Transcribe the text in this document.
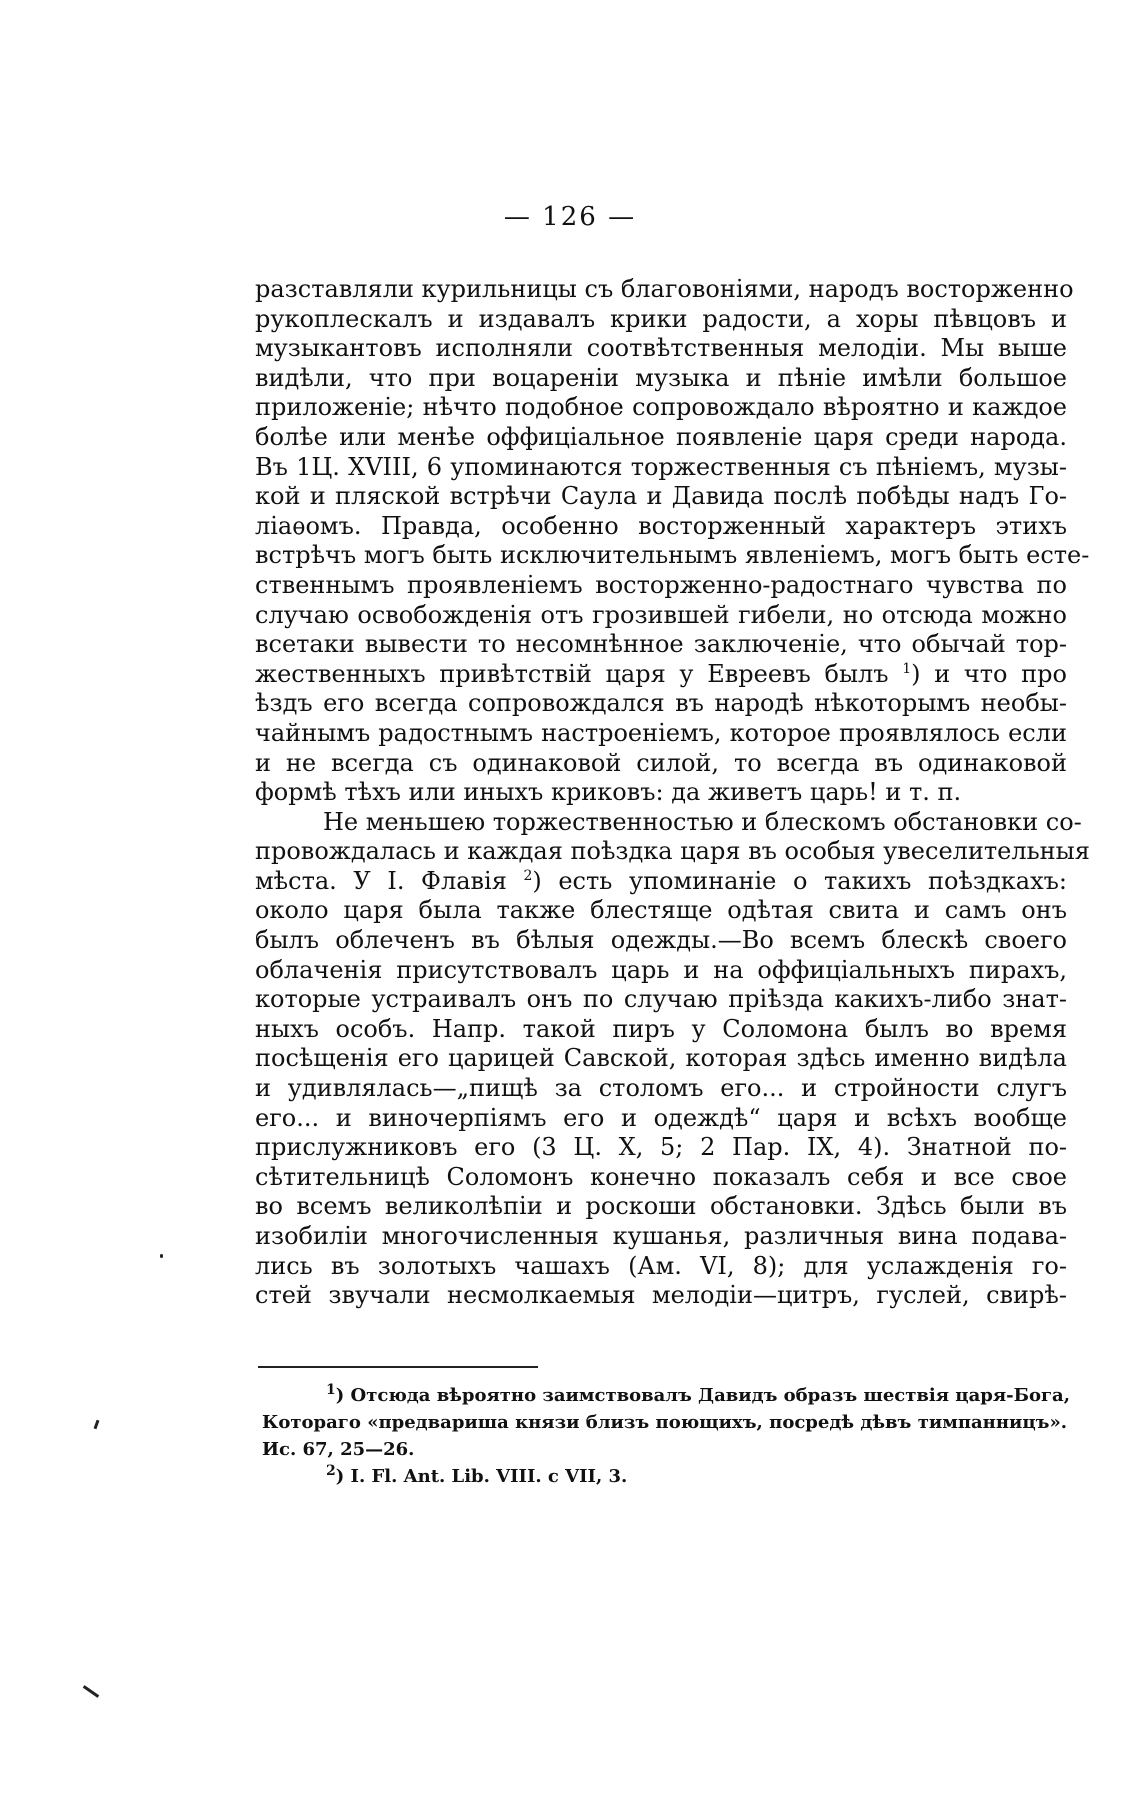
— 126 —
разставляли курильницы съ благовоніями, народъ восторженно
рукоплескалъ и издавалъ крики радости, а хоры пѣвцовъ и
музыкантовъ исполняли соотвѣтственныя мелодіи. Мы выше
видѣли, что при воцареніи музыка и пѣніе имѣли большое
приложеніе; нѣчто подобное сопровождало вѣроятно и каждое
болѣе или менѣе оффиціальное появленіе царя среди народа.
Въ 1Ц. XVIII, 6 упоминаются торжественныя съ пѣніемъ, музы-
кой и пляской встрѣчи Саула и Давида послѣ побѣды надъ Го-
ліаѳомъ. Правда, особенно восторженный характеръ этихъ
встрѣчъ могъ быть исключительнымъ явленіемъ, могъ быть есте-
ственнымъ проявленіемъ восторженно-радостнаго чувства по
случаю освобожденія отъ грозившей гибели, но отсюда можно
всетаки вывести то несомнѣнное заключеніе, что обычай тор-
жественныхъ привѣтствій царя у Евреевъ былъ $^1$) и что про
ѣздъ его всегда сопровождался въ народѣ нѣкоторымъ необы-
чайнымъ радостнымъ настроеніемъ, которое проявлялось если
и не всегда съ одинаковой силой, то всегда въ одинаковой
формѣ тѣхъ или иныхъ криковъ: да живетъ царь! и т. п.
Не меньшею торжественностью и блескомъ обстановки со-
провождалась и каждая поѣздка царя въ особыя увеселительныя
мѣста. У І. Флавія $^2$) есть упоминаніе о такихъ поѣздкахъ:
около царя была также блестяще одѣтая свита и самъ онъ
былъ облеченъ въ бѣлыя одежды.—Во всемъ блескѣ своего
облаченія присутствовалъ царь и на оффиціальныхъ пирахъ,
которые устраивалъ онъ по случаю пріѣзда какихъ-либо знат-
ныхъ особъ. Напр. такой пиръ у Соломона былъ во время
посѣщенія его царицей Савской, которая здѣсь именно видѣла
и удивлялась—„пищѣ за столомъ его... и стройности слугъ
его... и виночерпіямъ его и одеждѣ“ царя и всѣхъ вообще
прислужниковъ его (3 Ц. X, 5; 2 Пар. IX, 4). Знатной по-
сѣтительницѣ Соломонъ конечно показалъ себя и все свое
во всемъ великолѣпіи и роскоши обстановки. Здѣсь были въ
изобиліи многочисленныя кушанья, различныя вина подава-
лись въ золотыхъ чашахъ (Ам. VI, 8); для услажденія го-
стей звучали несмолкаемыя мелодіи—цитръ, гуслей, свирѣ-
$^1$) Отсюда вѣроятно заимствовалъ Давидъ образъ шествія царя-Бога,
Котораго «предвариша князи близъ поющихъ, посредѣ дѣвъ тимпанницъ».
Ис. 67, 25—26.
$^2$) I. Fl. Ant. Lib. VIII. c VII, 3.
